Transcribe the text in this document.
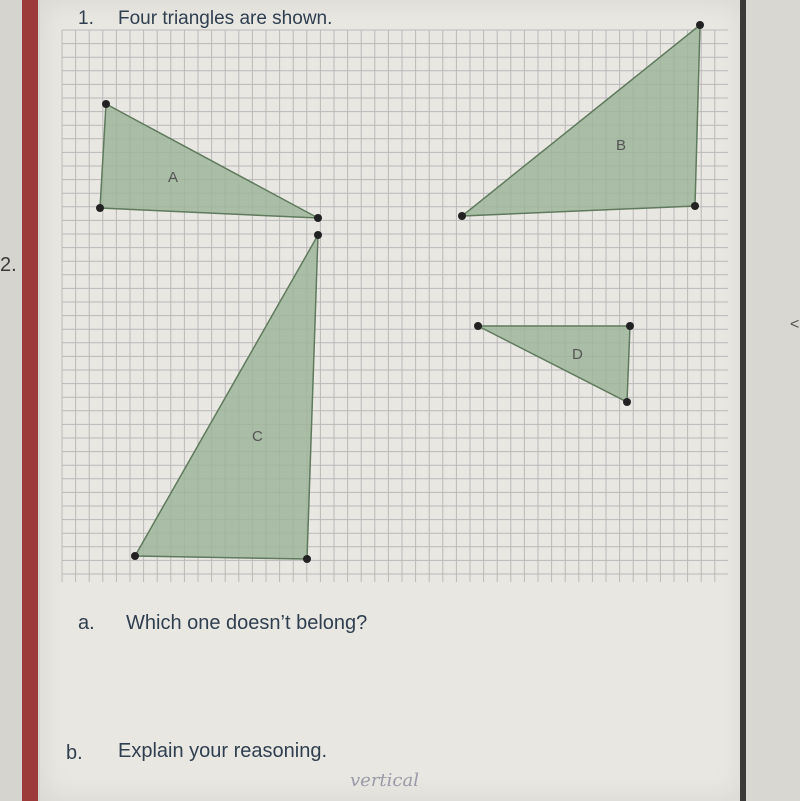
2.
<
1. Four triangles are shown.
A
B
C
D
a. Which one doesn’t belong?
b. Explain your reasoning.
vertical
